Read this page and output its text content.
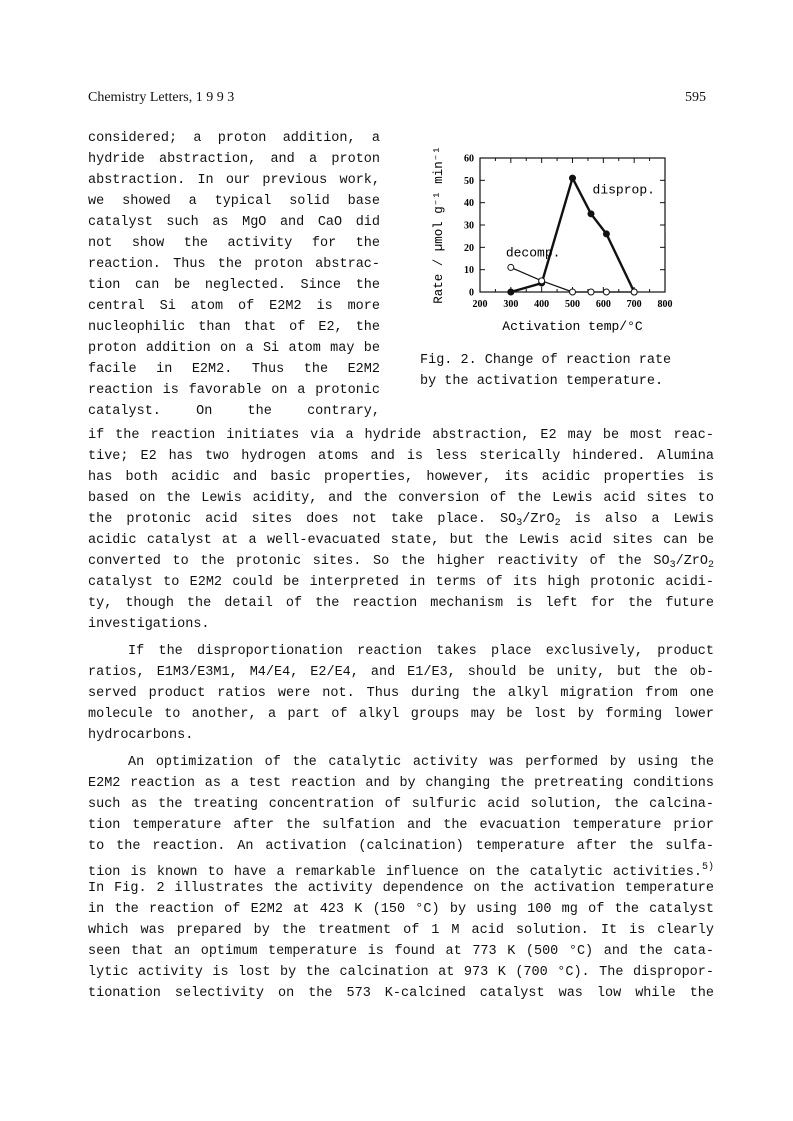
Chemistry Letters, 1 9 9 3	595
considered; a proton addition, a
hydride abstraction, and a proton
abstraction. In our previous work,
we showed a typical solid base
catalyst such as MgO and CaO did
not show the activity for the
reaction. Thus the proton abstrac-
tion can be neglected. Since the
central Si atom of E2M2 is more
nucleophilic than that of E2, the
proton addition on a Si atom may be
facile in E2M2. Thus the E2M2
reaction is favorable on a protonic
catalyst. On the contrary,
200 300 400 500 600 700 800
0
10
20
30
40
50
60
Activation temp/°C
Rate / µmol g⁻¹ min⁻¹	disprop.
decomp.
Fig. 2. Change of reaction rate
by the activation temperature.
if the reaction initiates via a hydride abstraction, E2 may be most reac-
tive; E2 has two hydrogen atoms and is less sterically hindered. Alumina
has both acidic and basic properties, however, its acidic properties is
based on the Lewis acidity, and the conversion of the Lewis acid sites to
the protonic acid sites does not take place. $SO_3/ZrO_2$ is also a Lewis
acidic catalyst at a well-evacuated state, but the Lewis acid sites can be
converted to the protonic sites. So the higher reactivity of the $SO_3/ZrO_2$
catalyst to E2M2 could be interpreted in terms of its high protonic acidi-
ty, though the detail of the reaction mechanism is left for the future
investigations.
If the disproportionation reaction takes place exclusively, product
ratios, E1M3/E3M1, M4/E4, E2/E4, and E1/E3, should be unity, but the ob-
served product ratios were not. Thus during the alkyl migration from one
molecule to another, a part of alkyl groups may be lost by forming lower
hydrocarbons.
An optimization of the catalytic activity was performed by using the
E2M2 reaction as a test reaction and by changing the pretreating conditions
such as the treating concentration of sulfuric acid solution, the calcina-
tion temperature after the sulfation and the evacuation temperature prior
to the reaction. An activation (calcination) temperature after the sulfa-
tion is known to have a remarkable influence on the catalytic activities.$^{5)}$
In Fig. 2 illustrates the activity dependence on the activation temperature
in the reaction of E2M2 at 423 K (150 °C) by using 100 mg of the catalyst
which was prepared by the treatment of 1 M acid solution. It is clearly
seen that an optimum temperature is found at 773 K (500 °C) and the cata-
lytic activity is lost by the calcination at 973 K (700 °C). The dispropor-
tionation selectivity on the 573 K-calcined catalyst was low while the
